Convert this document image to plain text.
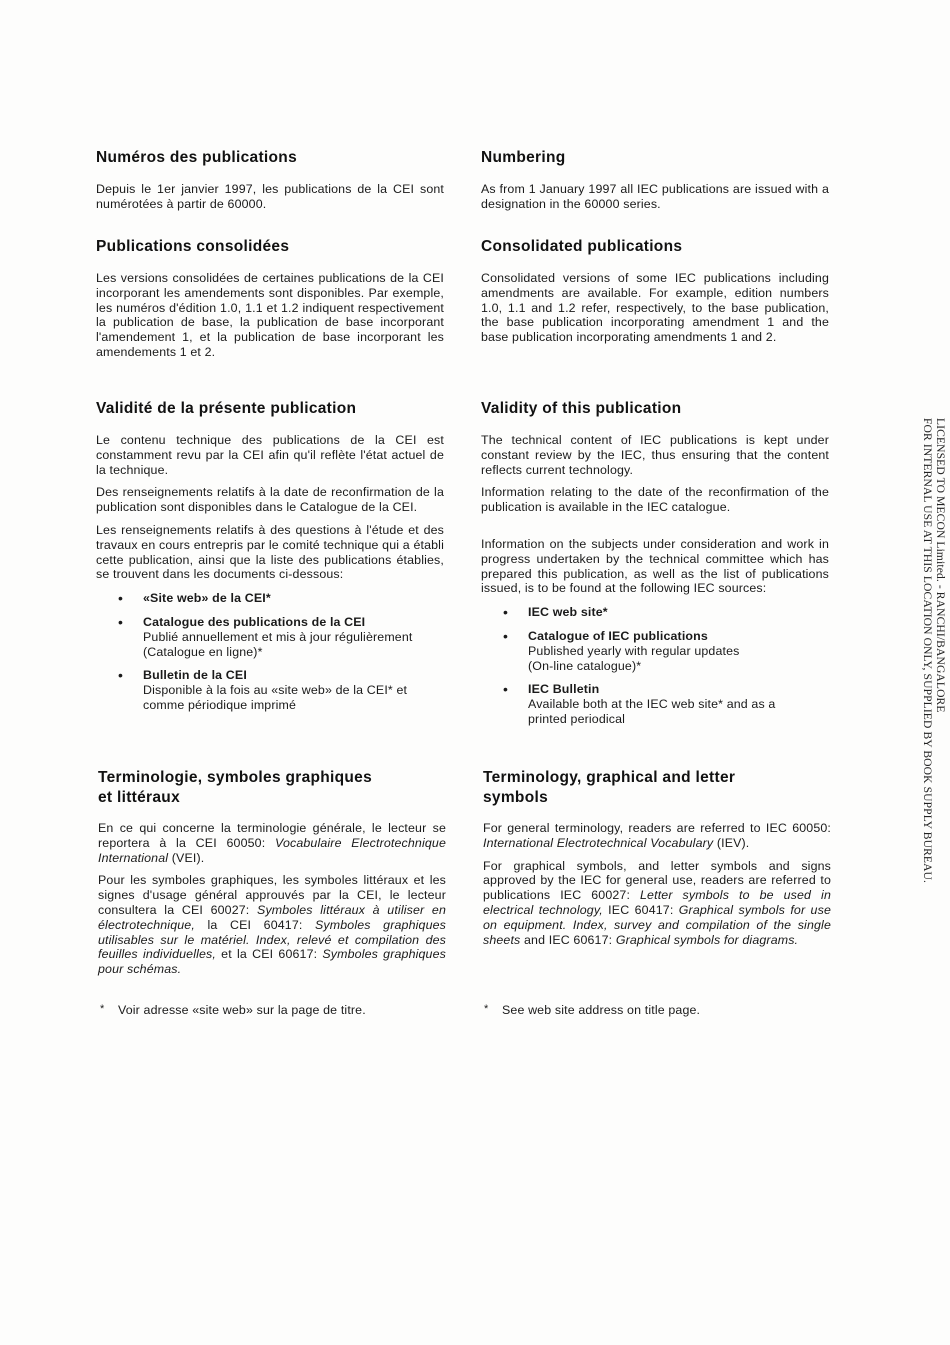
Numéros des publications

Depuis le 1er janvier 1997, les publications de la CEI sont numérotées à partir de 60000.

Publications consolidées

Les versions consolidées de certaines publications de la CEI incorporant les amendements sont disponibles. Par exemple, les numéros d'édition 1.0, 1.1 et 1.2 indiquent respectivement la publication de base, la publication de base incorporant l'amendement 1, et la publication de base incorporant les amendements 1 et 2.

Validité de la présente publication

Le contenu technique des publications de la CEI est constamment revu par la CEI afin qu'il reflète l'état actuel de la technique.

Des renseignements relatifs à la date de reconfirmation de la publication sont disponibles dans le Catalogue de la CEI.

Les renseignements relatifs à des questions à l'étude et des travaux en cours entrepris par le comité technique qui a établi cette publication, ainsi que la liste des publications établies, se trouvent dans les documents ci-dessous:

• «Site web» de la CEI*
• Catalogue des publications de la CEI
Publié annuellement et mis à jour régulièrement
(Catalogue en ligne)*
• Bulletin de la CEI
Disponible à la fois au «site web» de la CEI* et
comme périodique imprimé
Terminologie, symboles graphiques
et littéraux

En ce qui concerne la terminologie générale, le lecteur se reportera à la CEI 60050: Vocabulaire Electrotechnique International (VEI).

Pour les symboles graphiques, les symboles littéraux et les signes d'usage général approuvés par la CEI, le lecteur consultera la CEI 60027: Symboles littéraux à utiliser en électrotechnique, la CEI 60417: Symboles graphiques utilisables sur le matériel. Index, relevé et compilation des feuilles individuelles, et la CEI 60617: Symboles graphiques pour schémas.

* Voir adresse «site web» sur la page de titre.
Numbering

As from 1 January 1997 all IEC publications are issued with a designation in the 60000 series.

Consolidated publications

Consolidated versions of some IEC publications including amendments are available. For example, edition numbers 1.0, 1.1 and 1.2 refer, respectively, to the base publication, the base publication incorporating amendment 1 and the base publication incorporating amendments 1 and 2.

Validity of this publication

The technical content of IEC publications is kept under constant review by the IEC, thus ensuring that the content reflects current technology.

Information relating to the date of the reconfirmation of the publication is available in the IEC catalogue.

Information on the subjects under consideration and work in progress undertaken by the technical committee which has prepared this publication, as well as the list of publications issued, is to be found at the following IEC sources:

• IEC web site*
• Catalogue of IEC publications
Published yearly with regular updates
(On-line catalogue)*
• IEC Bulletin
Available both at the IEC web site* and as a
printed periodical
Terminology, graphical and letter
symbols

For general terminology, readers are referred to IEC 60050: International Electrotechnical Vocabulary (IEV).

For graphical symbols, and letter symbols and signs approved by the IEC for general use, readers are referred to publications IEC 60027: Letter symbols to be used in electrical technology, IEC 60417: Graphical symbols for use on equipment. Index, survey and compilation of the single sheets and IEC 60617: Graphical symbols for diagrams.

* See web site address on title page.
LICENSED TO MECON Limited. - RANCHI/BANGALORE
FOR INTERNAL USE AT THIS LOCATION ONLY, SUPPLIED BY BOOK SUPPLY BUREAU.
